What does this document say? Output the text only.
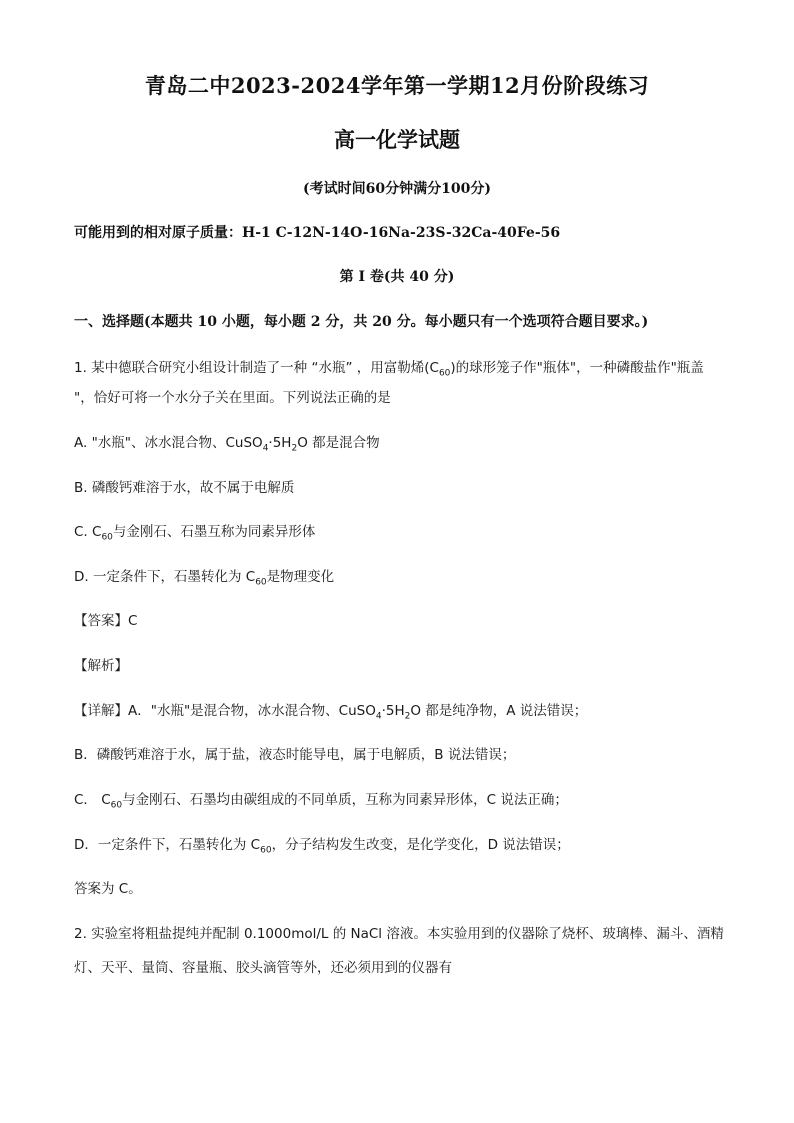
青岛二中2023-2024学年第一学期12月份阶段练习
高一化学试题
(考试时间60分钟满分100分)
可能用到的相对原子质量：H-1 C-12N-14O-16Na-23S-32Ca-40Fe-56
第 I 卷(共 40 分)
一、选择题(本题共 10 小题，每小题 2 分，共 20 分。每小题只有一个选项符合题目要求。)
1. 某中德联合研究小组设计制造了一种 “水瓶” ，用富勒烯$(C_{60})$的球形笼子作"瓶体"，一种磷酸盐作"瓶盖
"，恰好可将一个水分子关在里面。下列说法正确的是
A. "水瓶"、冰水混合物、$CuSO_4\cdot 5H_2O$ 都是混合物
B. 磷酸钙难溶于水，故不属于电解质
C. $C_{60}$与金刚石、石墨互称为同素异形体
D. 一定条件下，石墨转化为 $C_{60}$是物理变化
【答案】C
【解析】
【详解】A．"水瓶"是混合物，冰水混合物、$CuSO_4\cdot 5H_2O$ 都是纯净物，A 说法错误；
B．磷酸钙难溶于水，属于盐，液态时能导电，属于电解质，B 说法错误；
C． $C_{60}$与金刚石、石墨均由碳组成的不同单质，互称为同素异形体，C 说法正确；
D．一定条件下，石墨转化为 $C_{60}$，分子结构发生改变，是化学变化，D 说法错误；
答案为 C。
2. 实验室将粗盐提纯并配制 0.1000mol/L 的 NaCl 溶液。本实验用到的仪器除了烧杯、玻璃棒、漏斗、酒精
灯、天平、量筒、容量瓶、胶头滴管等外，还必须用到的仪器有
